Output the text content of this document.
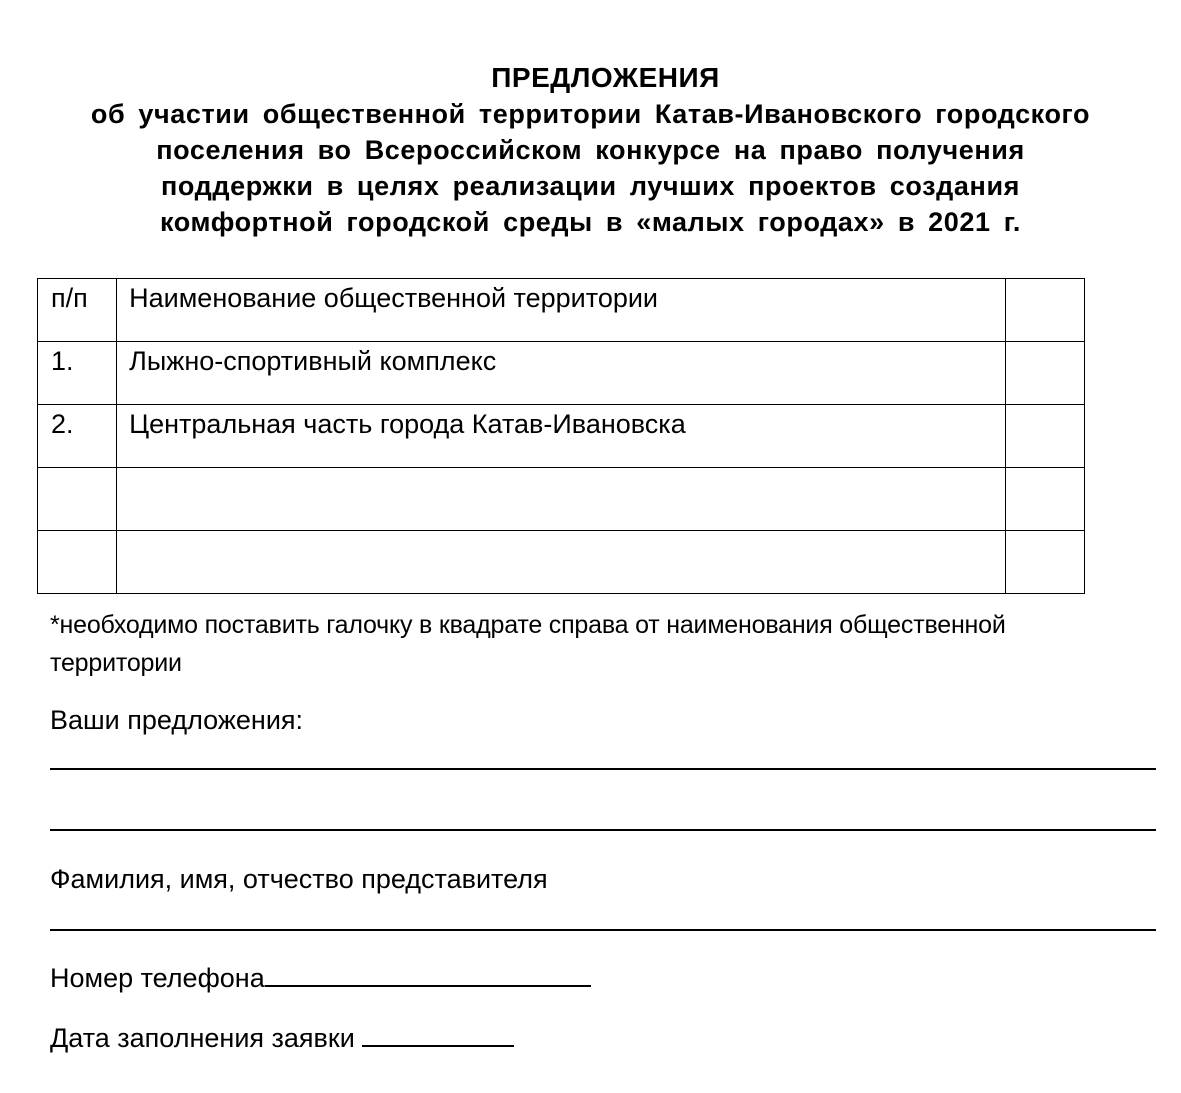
ПРЕДЛОЖЕНИЯ
об участии общественной территории Катав-Ивановского городского
поселения во Всероссийском конкурсе на право получения
поддержки в целях реализации лучших проектов создания
комфортной городской среды в «малых городах» в 2021 г.
п/п	Наименование общественной территории	

1.	Лыжно-спортивный комплекс	

2.	Центральная часть города Катав-Ивановска	

*необходимо поставить галочку в квадрате справа от наименования общественной территории
Ваши предложения:
Фамилия, имя, отчество представителя
Номер телефона
Дата заполнения заявки
